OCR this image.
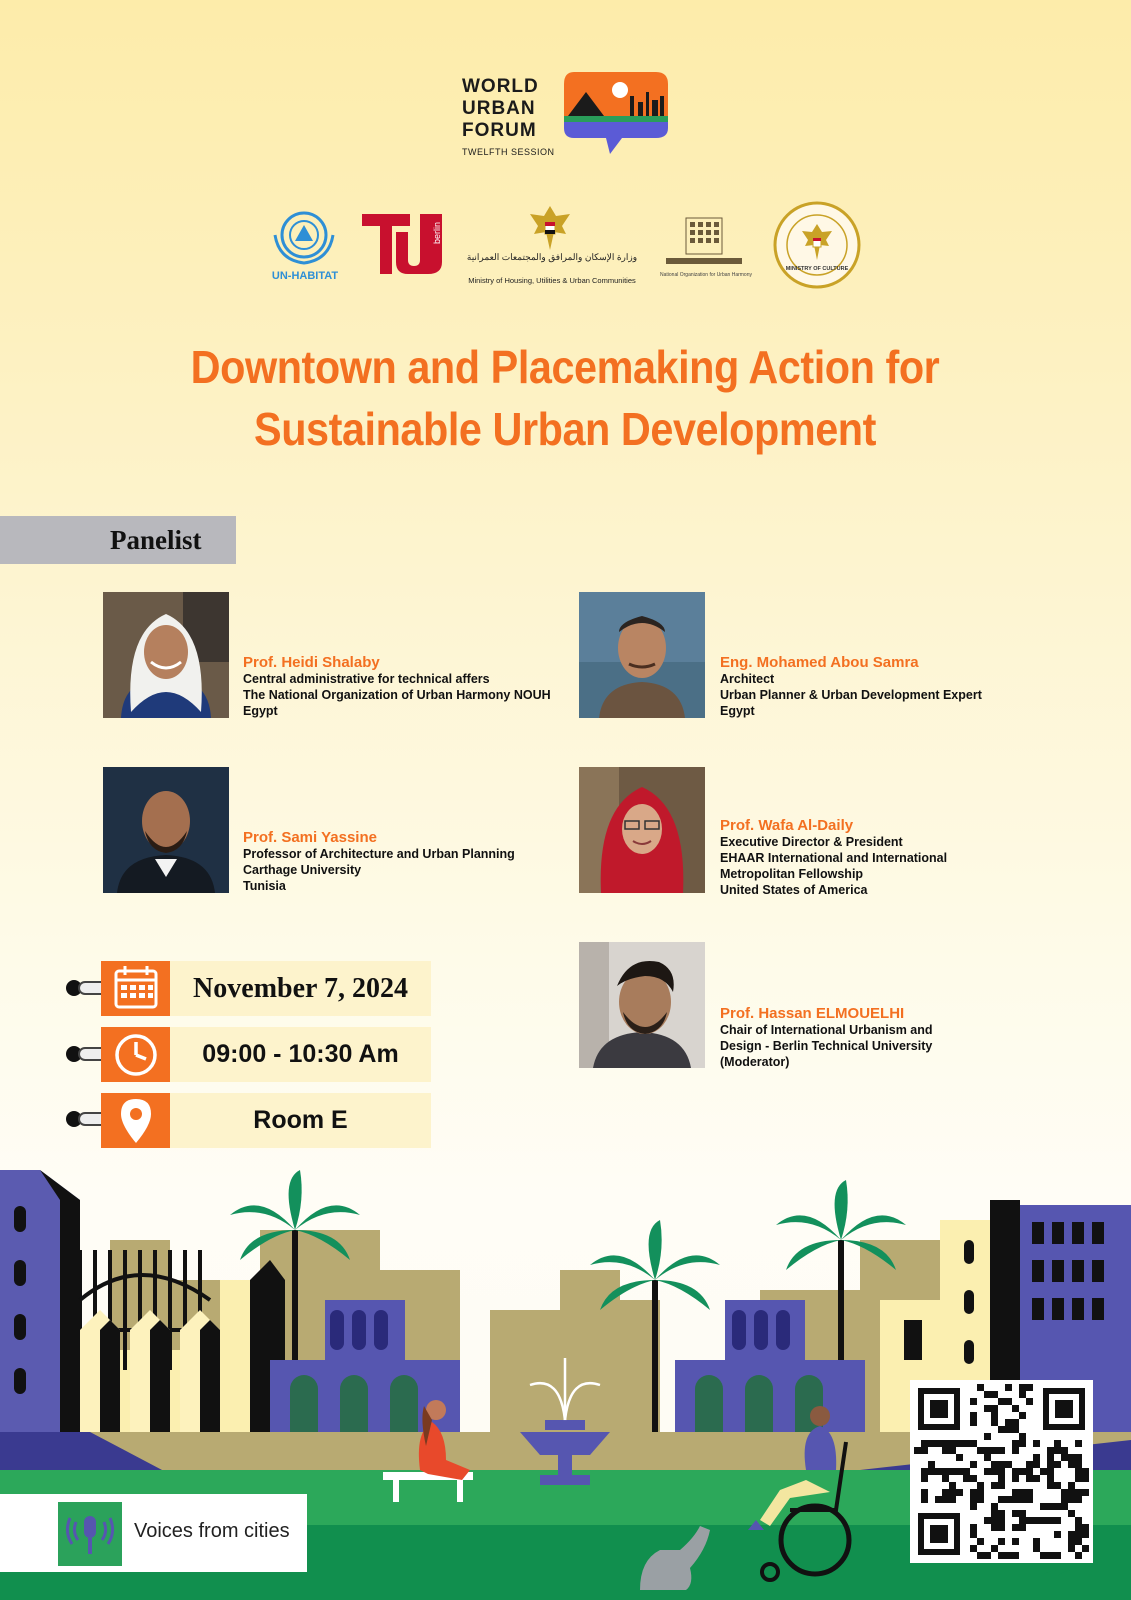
WORLD
URBAN
FORUM
TWELFTH SESSION
UN-HABITAT
berlin
وزارة الإسكان والمرافق والمجتمعات العمرانية
Ministry of Housing, Utilities & Urban Communities
National Organization for Urban Harmony
MINISTRY OF CULTURE
Downtown and Placemaking Action for
Sustainable Urban Development
Panelist
Prof. Heidi Shalaby
Central administrative for technical affers
The National Organization of Urban Harmony NOUH
Egypt
Eng. Mohamed Abou Samra
Architect
Urban Planner & Urban Development Expert
Egypt
Prof. Sami Yassine
Professor of Architecture and Urban Planning
Carthage University
Tunisia
Prof. Wafa Al-Daily
Executive Director & President
EHAAR International and International
Metropolitan Fellowship
United States of America
Prof. Hassan ELMOUELHI
Chair of International Urbanism and
Design - Berlin Technical University
(Moderator)
November 7, 2024
09:00 - 10:30 Am
Room E
Voices from cities
